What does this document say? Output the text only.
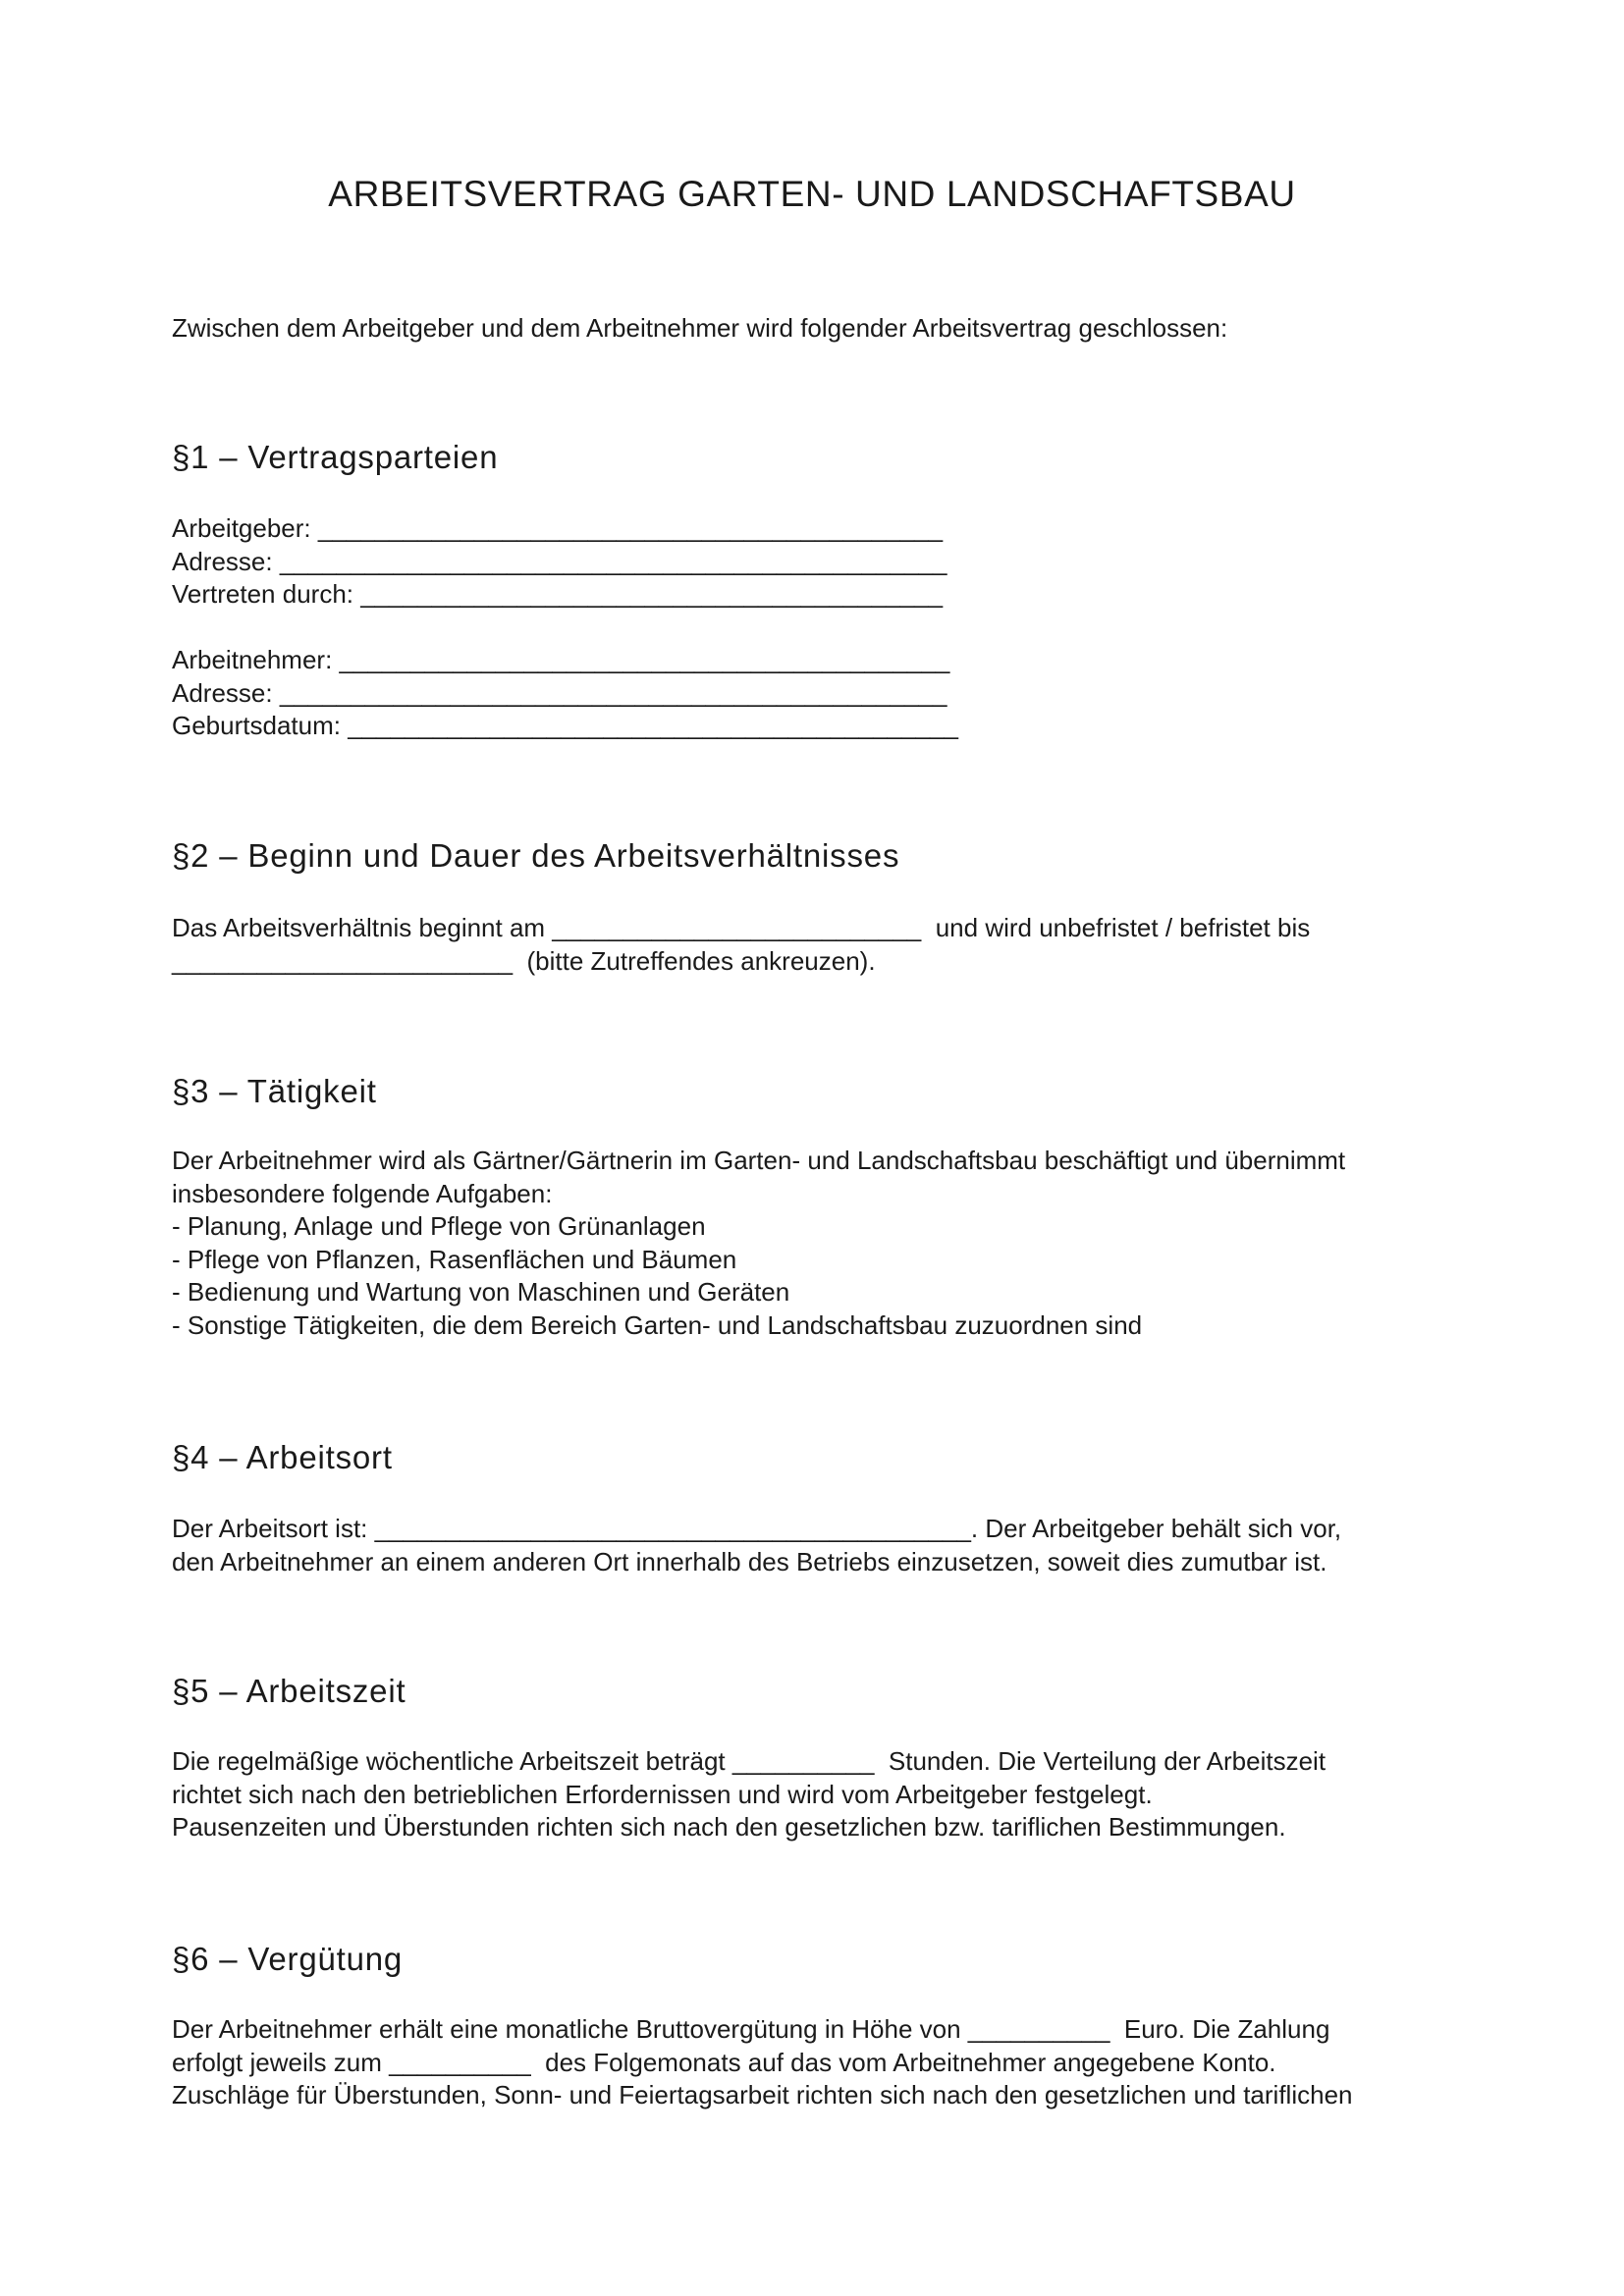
ARBEITSVERTRAG GARTEN- UND LANDSCHAFTSBAU
Zwischen dem Arbeitgeber und dem Arbeitnehmer wird folgender Arbeitsvertrag geschlossen:
§1 – Vertragsparteien
Arbeitgeber: ____________________________________________
Adresse: _______________________________________________
Vertreten durch: _________________________________________
Arbeitnehmer: ___________________________________________
Adresse: _______________________________________________
Geburtsdatum: ___________________________________________
§2 – Beginn und Dauer des Arbeitsverhältnisses
Das Arbeitsverhältnis beginnt am __________________________  und wird unbefristet / befristet bis
________________________  (bitte Zutreffendes ankreuzen).
§3 – Tätigkeit
Der Arbeitnehmer wird als Gärtner/Gärtnerin im Garten- und Landschaftsbau beschäftigt und übernimmt
insbesondere folgende Aufgaben:
- Planung, Anlage und Pflege von Grünanlagen
- Pflege von Pflanzen, Rasenflächen und Bäumen
- Bedienung und Wartung von Maschinen und Geräten
- Sonstige Tätigkeiten, die dem Bereich Garten- und Landschaftsbau zuzuordnen sind
§4 – Arbeitsort
Der Arbeitsort ist: __________________________________________. Der Arbeitgeber behält sich vor,
den Arbeitnehmer an einem anderen Ort innerhalb des Betriebs einzusetzen, soweit dies zumutbar ist.
§5 – Arbeitszeit
Die regelmäßige wöchentliche Arbeitszeit beträgt __________  Stunden. Die Verteilung der Arbeitszeit
richtet sich nach den betrieblichen Erfordernissen und wird vom Arbeitgeber festgelegt.
Pausenzeiten und Überstunden richten sich nach den gesetzlichen bzw. tariflichen Bestimmungen.
§6 – Vergütung
Der Arbeitnehmer erhält eine monatliche Bruttovergütung in Höhe von __________  Euro. Die Zahlung
erfolgt jeweils zum __________  des Folgemonats auf das vom Arbeitnehmer angegebene Konto.
Zuschläge für Überstunden, Sonn- und Feiertagsarbeit richten sich nach den gesetzlichen und tariflichen
